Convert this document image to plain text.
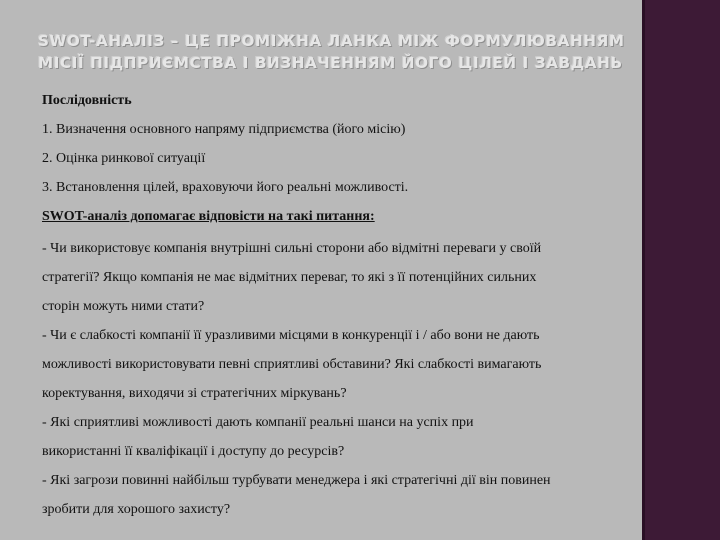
SWOT-АНАЛІЗ – ЦЕ ПРОМІЖНА ЛАНКА МІЖ ФОРМУЛЮВАННЯМ
МІСІЇ ПІДПРИЄМСТВА І ВИЗНАЧЕННЯМ ЙОГО ЦІЛЕЙ І ЗАВДАНЬ

Послідовність

1. Визначення основного напряму підприємства (його місію)

2. Оцінка ринкової ситуації

3. Встановлення цілей, враховуючи його реальні можливості.

SWOT-аналіз допомагає відповісти на такі питання:

- Чи використовує компанія внутрішні сильні сторони або відмітні переваги у своїй

стратегії? Якщо компанія не має відмітних переваг, то які з її потенційних сильних

сторін можуть ними стати?

- Чи є слабкості компанії її уразливими місцями в конкуренції і / або вони не дають

можливості використовувати певні сприятливі обставини? Які слабкості вимагають

коректування, виходячи зі стратегічних міркувань?

- Які сприятливі можливості дають компанії реальні шанси на успіх при

використанні її кваліфікації і доступу до ресурсів?

- Які загрози повинні найбільш турбувати менеджера і які стратегічні дії він повинен

зробити для хорошого захисту?
